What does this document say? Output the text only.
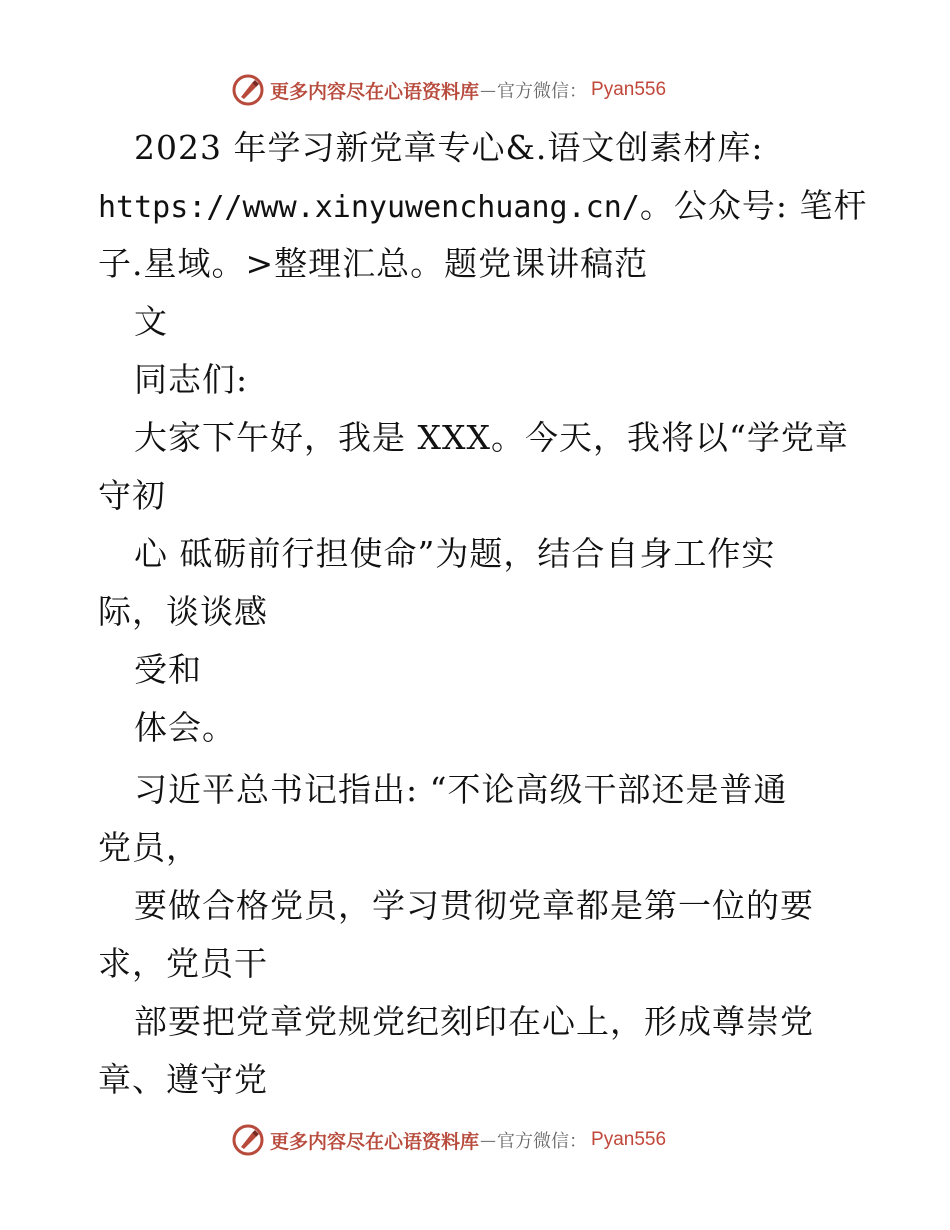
更多内容尽在心语资料库 — 官方微信： Pyan556
2023 年学习新党章专心&.语文创素材库:
https://www.xinyuwenchuang.cn/。公众号: 笔杆
子.星域。>整理汇总。题党课讲稿范
文
同志们:
大家下午好，我是 XXX。今天，我将以“学党章
守初
心 砥砺前行担使命”为题，结合自身工作实
际，谈谈感
受和
体会。
习近平总书记指出: “不论高级干部还是普通
党员，
要做合格党员，学习贯彻党章都是第一位的要
求，党员干
部要把党章党规党纪刻印在心上，形成尊崇党
章、遵守党
更多内容尽在心语资料库 — 官方微信： Pyan556
